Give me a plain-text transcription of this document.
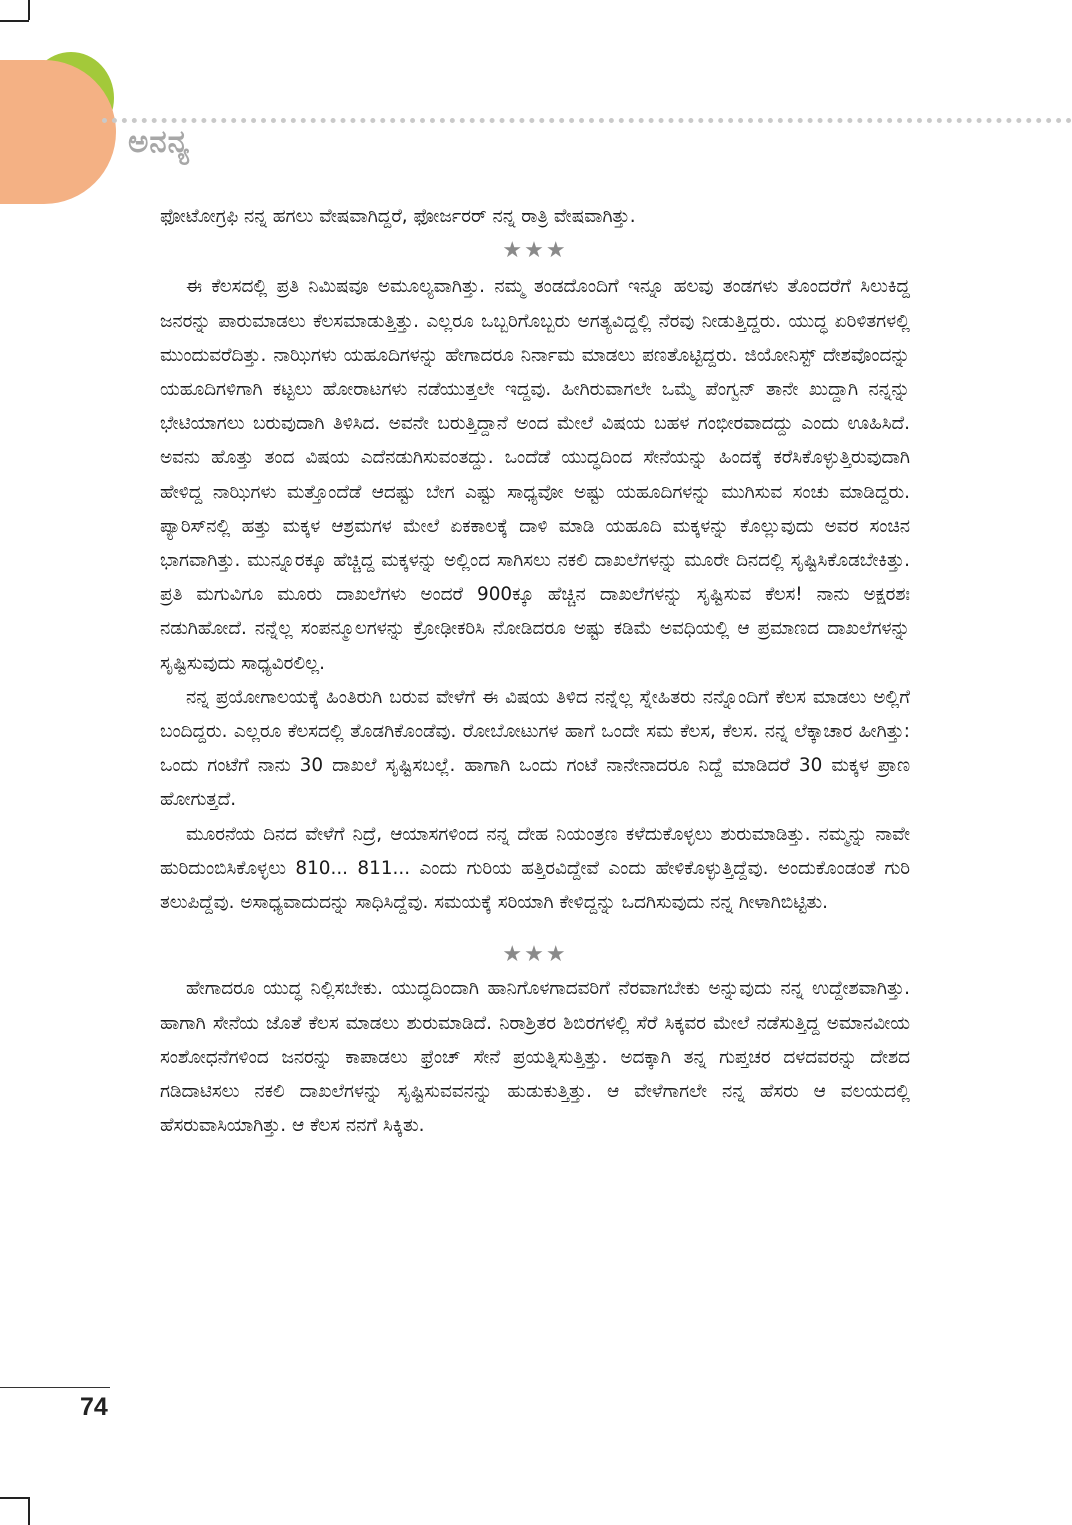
ಅನನ್ಯ

ಫೋಟೋಗ್ರಫಿ ನನ್ನ ಹಗಲು ವೇಷವಾಗಿದ್ದರೆ, ಫೋರ್ಜರರ್ ನನ್ನ ರಾತ್ರಿ ವೇಷವಾಗಿತ್ತು.

★★★

ಈ ಕೆಲಸದಲ್ಲಿ ಪ್ರತಿ ನಿಮಿಷವೂ ಅಮೂಲ್ಯವಾಗಿತ್ತು. ನಮ್ಮ ತಂಡದೊಂದಿಗೆ ಇನ್ನೂ ಹಲವು ತಂಡಗಳು ತೊಂದರೆಗೆ ಸಿಲುಕಿದ್ದ ಜನರನ್ನು ಪಾರುಮಾಡಲು ಕೆಲಸಮಾಡುತ್ತಿತ್ತು. ಎಲ್ಲರೂ ಒಬ್ಬರಿಗೊಬ್ಬರು ಅಗತ್ಯವಿದ್ದಲ್ಲಿ ನೆರವು ನೀಡುತ್ತಿದ್ದರು. ಯುದ್ಧ ಏರಿಳಿತಗಳಲ್ಲಿ ಮುಂದುವರೆದಿತ್ತು. ನಾಝಿಗಳು ಯಹೂದಿಗಳನ್ನು ಹೇಗಾದರೂ ನಿರ್ನಾಮ ಮಾಡಲು ಪಣತೊಟ್ಟಿದ್ದರು. ಜಿಯೋನಿಸ್ಟ್ ದೇಶವೊಂದನ್ನು ಯಹೂದಿಗಳಿಗಾಗಿ ಕಟ್ಟಲು ಹೋರಾಟಗಳು ನಡೆಯುತ್ತಲೇ ಇದ್ದವು. ಹೀಗಿರುವಾಗಲೇ ಒಮ್ಮೆ ಪೆಂಗ್ವನ್ ತಾನೇ ಖುದ್ದಾಗಿ ನನ್ನನ್ನು ಭೇಟಿಯಾಗಲು ಬರುವುದಾಗಿ ತಿಳಿಸಿದ. ಅವನೇ ಬರುತ್ತಿದ್ದಾನೆ ಅಂದ ಮೇಲೆ ವಿಷಯ ಬಹಳ ಗಂಭೀರವಾದದ್ದು ಎಂದು ಊಹಿಸಿದೆ. ಅವನು ಹೊತ್ತು ತಂದ ವಿಷಯ ಎದೆನಡುಗಿಸುವಂತದ್ದು. ಒಂದೆಡೆ ಯುದ್ಧದಿಂದ ಸೇನೆಯನ್ನು ಹಿಂದಕ್ಕೆ ಕರೆಸಿಕೊಳ್ಳುತ್ತಿರುವುದಾಗಿ ಹೇಳಿದ್ದ ನಾಝಿಗಳು ಮತ್ತೊಂದೆಡೆ ಆದಷ್ಟು ಬೇಗ ಎಷ್ಟು ಸಾಧ್ಯವೋ ಅಷ್ಟು ಯಹೂದಿಗಳನ್ನು ಮುಗಿಸುವ ಸಂಚು ಮಾಡಿದ್ದರು. ಪ್ಯಾರಿಸ್‌ನಲ್ಲಿ ಹತ್ತು ಮಕ್ಕಳ ಆಶ್ರಮಗಳ ಮೇಲೆ ಏಕಕಾಲಕ್ಕೆ ದಾಳಿ ಮಾಡಿ ಯಹೂದಿ ಮಕ್ಕಳನ್ನು ಕೊಲ್ಲುವುದು ಅವರ ಸಂಚಿನ ಭಾಗವಾಗಿತ್ತು. ಮುನ್ನೂರಕ್ಕೂ ಹೆಚ್ಚಿದ್ದ ಮಕ್ಕಳನ್ನು ಅಲ್ಲಿಂದ ಸಾಗಿಸಲು ನಕಲಿ ದಾಖಲೆಗಳನ್ನು ಮೂರೇ ದಿನದಲ್ಲಿ ಸೃಷ್ಟಿಸಿಕೊಡಬೇಕಿತ್ತು. ಪ್ರತಿ ಮಗುವಿಗೂ ಮೂರು ದಾಖಲೆಗಳು ಅಂದರೆ 900ಕ್ಕೂ ಹೆಚ್ಚಿನ ದಾಖಲೆಗಳನ್ನು ಸೃಷ್ಟಿಸುವ ಕೆಲಸ! ನಾನು ಅಕ್ಷರಶಃ ನಡುಗಿಹೋದೆ. ನನ್ನೆಲ್ಲ ಸಂಪನ್ಮೂಲಗಳನ್ನು ಕ್ರೋಢೀಕರಿಸಿ ನೋಡಿದರೂ ಅಷ್ಟು ಕಡಿಮೆ ಅವಧಿಯಲ್ಲಿ ಆ ಪ್ರಮಾಣದ ದಾಖಲೆಗಳನ್ನು ಸೃಷ್ಟಿಸುವುದು ಸಾಧ್ಯವಿರಲಿಲ್ಲ.

ನನ್ನ ಪ್ರಯೋಗಾಲಯಕ್ಕೆ ಹಿಂತಿರುಗಿ ಬರುವ ವೇಳೆಗೆ ಈ ವಿಷಯ ತಿಳಿದ ನನ್ನೆಲ್ಲ ಸ್ನೇಹಿತರು ನನ್ನೊಂದಿಗೆ ಕೆಲಸ ಮಾಡಲು ಅಲ್ಲಿಗೆ ಬಂದಿದ್ದರು. ಎಲ್ಲರೂ ಕೆಲಸದಲ್ಲಿ ತೊಡಗಿಕೊಂಡೆವು. ರೋಬೋಟುಗಳ ಹಾಗೆ ಒಂದೇ ಸಮ ಕೆಲಸ, ಕೆಲಸ. ನನ್ನ ಲೆಕ್ಕಾಚಾರ ಹೀಗಿತ್ತು: ಒಂದು ಗಂಟೆಗೆ ನಾನು 30 ದಾಖಲೆ ಸೃಷ್ಟಿಸಬಲ್ಲೆ. ಹಾಗಾಗಿ ಒಂದು ಗಂಟೆ ನಾನೇನಾದರೂ ನಿದ್ದೆ ಮಾಡಿದರೆ 30 ಮಕ್ಕಳ ಪ್ರಾಣ ಹೋಗುತ್ತದೆ.

ಮೂರನೆಯ ದಿನದ ವೇಳೆಗೆ ನಿದ್ರೆ, ಆಯಾಸಗಳಿಂದ ನನ್ನ ದೇಹ ನಿಯಂತ್ರಣ ಕಳೆದುಕೊಳ್ಳಲು ಶುರುಮಾಡಿತ್ತು. ನಮ್ಮನ್ನು ನಾವೇ ಹುರಿದುಂಬಿಸಿಕೊಳ್ಳಲು 810... 811... ಎಂದು ಗುರಿಯ ಹತ್ತಿರವಿದ್ದೇವೆ ಎಂದು ಹೇಳಿಕೊಳ್ಳುತ್ತಿದ್ದೆವು. ಅಂದುಕೊಂಡಂತೆ ಗುರಿ ತಲುಪಿದ್ದೆವು. ಅಸಾಧ್ಯವಾದುದನ್ನು ಸಾಧಿಸಿದ್ದೆವು. ಸಮಯಕ್ಕೆ ಸರಿಯಾಗಿ ಕೇಳಿದ್ದನ್ನು ಒದಗಿಸುವುದು ನನ್ನ ಗೀಳಾಗಿಬಿಟ್ಟಿತು.

★★★

ಹೇಗಾದರೂ ಯುದ್ಧ ನಿಲ್ಲಿಸಬೇಕು. ಯುದ್ಧದಿಂದಾಗಿ ಹಾನಿಗೊಳಗಾದವರಿಗೆ ನೆರವಾಗಬೇಕು ಅನ್ನುವುದು ನನ್ನ ಉದ್ದೇಶವಾಗಿತ್ತು. ಹಾಗಾಗಿ ಸೇನೆಯ ಜೊತೆ ಕೆಲಸ ಮಾಡಲು ಶುರುಮಾಡಿದೆ. ನಿರಾಶ್ರಿತರ ಶಿಬಿರಗಳಲ್ಲಿ ಸೆರೆ ಸಿಕ್ಕವರ ಮೇಲೆ ನಡೆಸುತ್ತಿದ್ದ ಅಮಾನವೀಯ ಸಂಶೋಧನೆಗಳಿಂದ ಜನರನ್ನು ಕಾಪಾಡಲು ಫ್ರೆಂಚ್ ಸೇನೆ ಪ್ರಯತ್ನಿಸುತ್ತಿತ್ತು. ಅದಕ್ಕಾಗಿ ತನ್ನ ಗುಪ್ತಚರ ದಳದವರನ್ನು ದೇಶದ ಗಡಿದಾಟಿಸಲು ನಕಲಿ ದಾಖಲೆಗಳನ್ನು ಸೃಷ್ಟಿಸುವವನನ್ನು ಹುಡುಕುತ್ತಿತ್ತು. ಆ ವೇಳೆಗಾಗಲೇ ನನ್ನ ಹೆಸರು ಆ ವಲಯದಲ್ಲಿ ಹೆಸರುವಾಸಿಯಾಗಿತ್ತು. ಆ ಕೆಲಸ ನನಗೆ ಸಿಕ್ಕಿತು.

74
